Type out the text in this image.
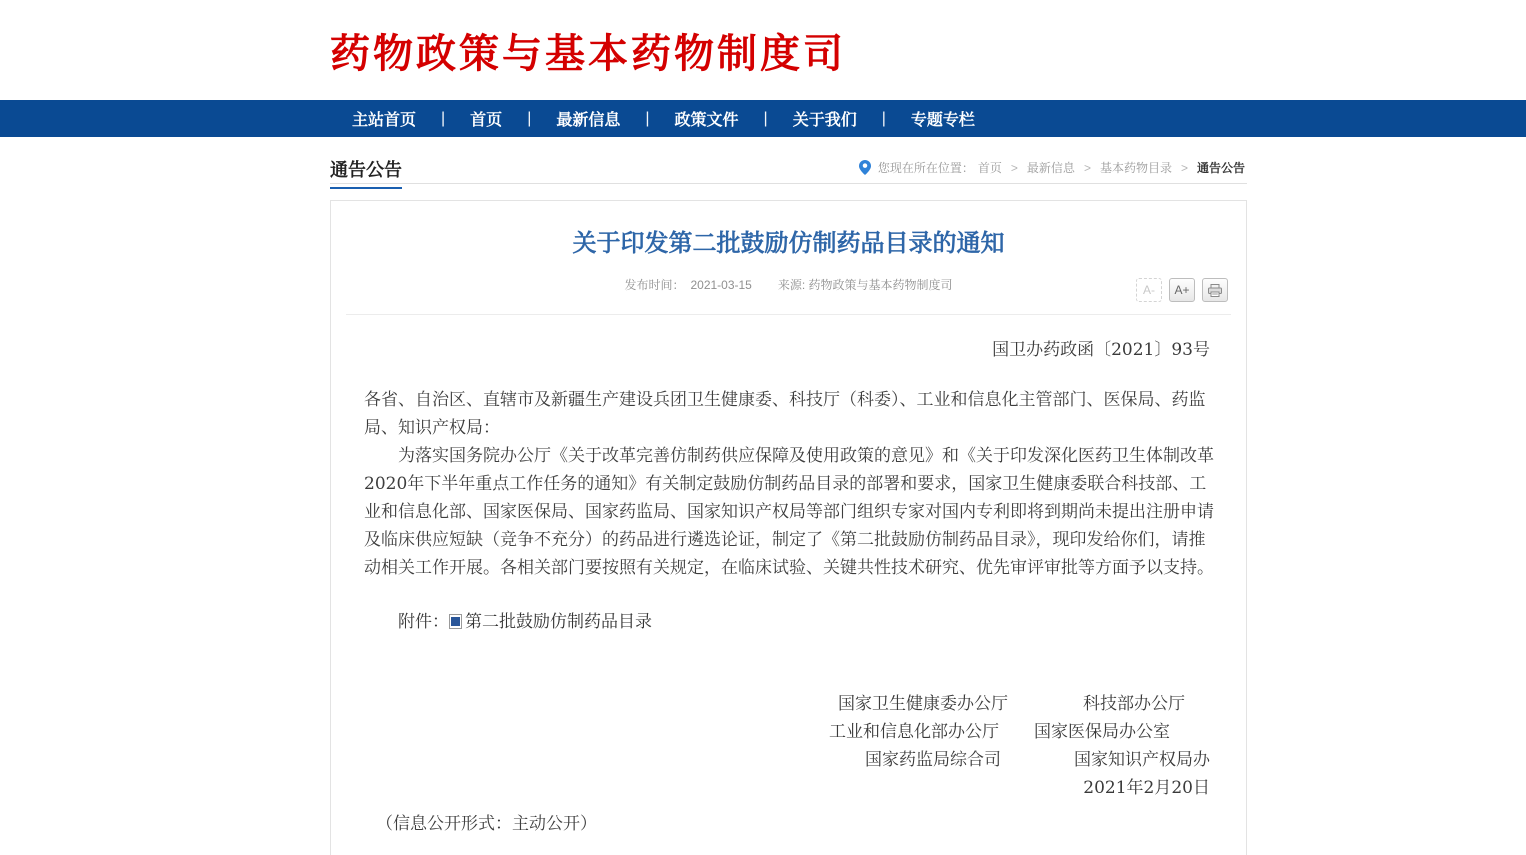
药物政策与基本药物制度司
主站首页 | 首页 | 最新信息 | 政策文件 | 关于我们 | 专题专栏
通告公告	您现在所在位置： 首页 > 最新信息 > 基本药物目录 > 通告公告
关于印发第二批鼓励仿制药品目录的通知
发布时间： 2021-03-15 来源: 药物政策与基本药物制度司	A-	A+
国卫办药政函〔2021〕93号

各省、自治区、直辖市及新疆生产建设兵团卫生健康委、科技厅（科委）、工业和信息化主管部门、医保局、药监局、知识产权局：

为落实国务院办公厅《关于改革完善仿制药供应保障及使用政策的意见》和《关于印发深化医药卫生体制改革2020年下半年重点工作任务的通知》有关制定鼓励仿制药品目录的部署和要求，国家卫生健康委联合科技部、工业和信息化部、国家医保局、国家药监局、国家知识产权局等部门组织专家对国内专利即将到期尚未提出注册申请及临床供应短缺（竞争不充分）的药品进行遴选论证，制定了《第二批鼓励仿制药品目录》，现印发给你们，请推动相关工作开展。各相关部门要按照有关规定，在临床试验、关键共性技术研究、优先审评审批等方面予以支持。

附件： W 第二批鼓励仿制药品目录
国家卫生健康委办公厅	科技部办公厅
工业和信息化部办公厅 国家医保局办公室
国家药监局综合司	国家知识产权局办
2021年2月20日
（信息公开形式：主动公开）
